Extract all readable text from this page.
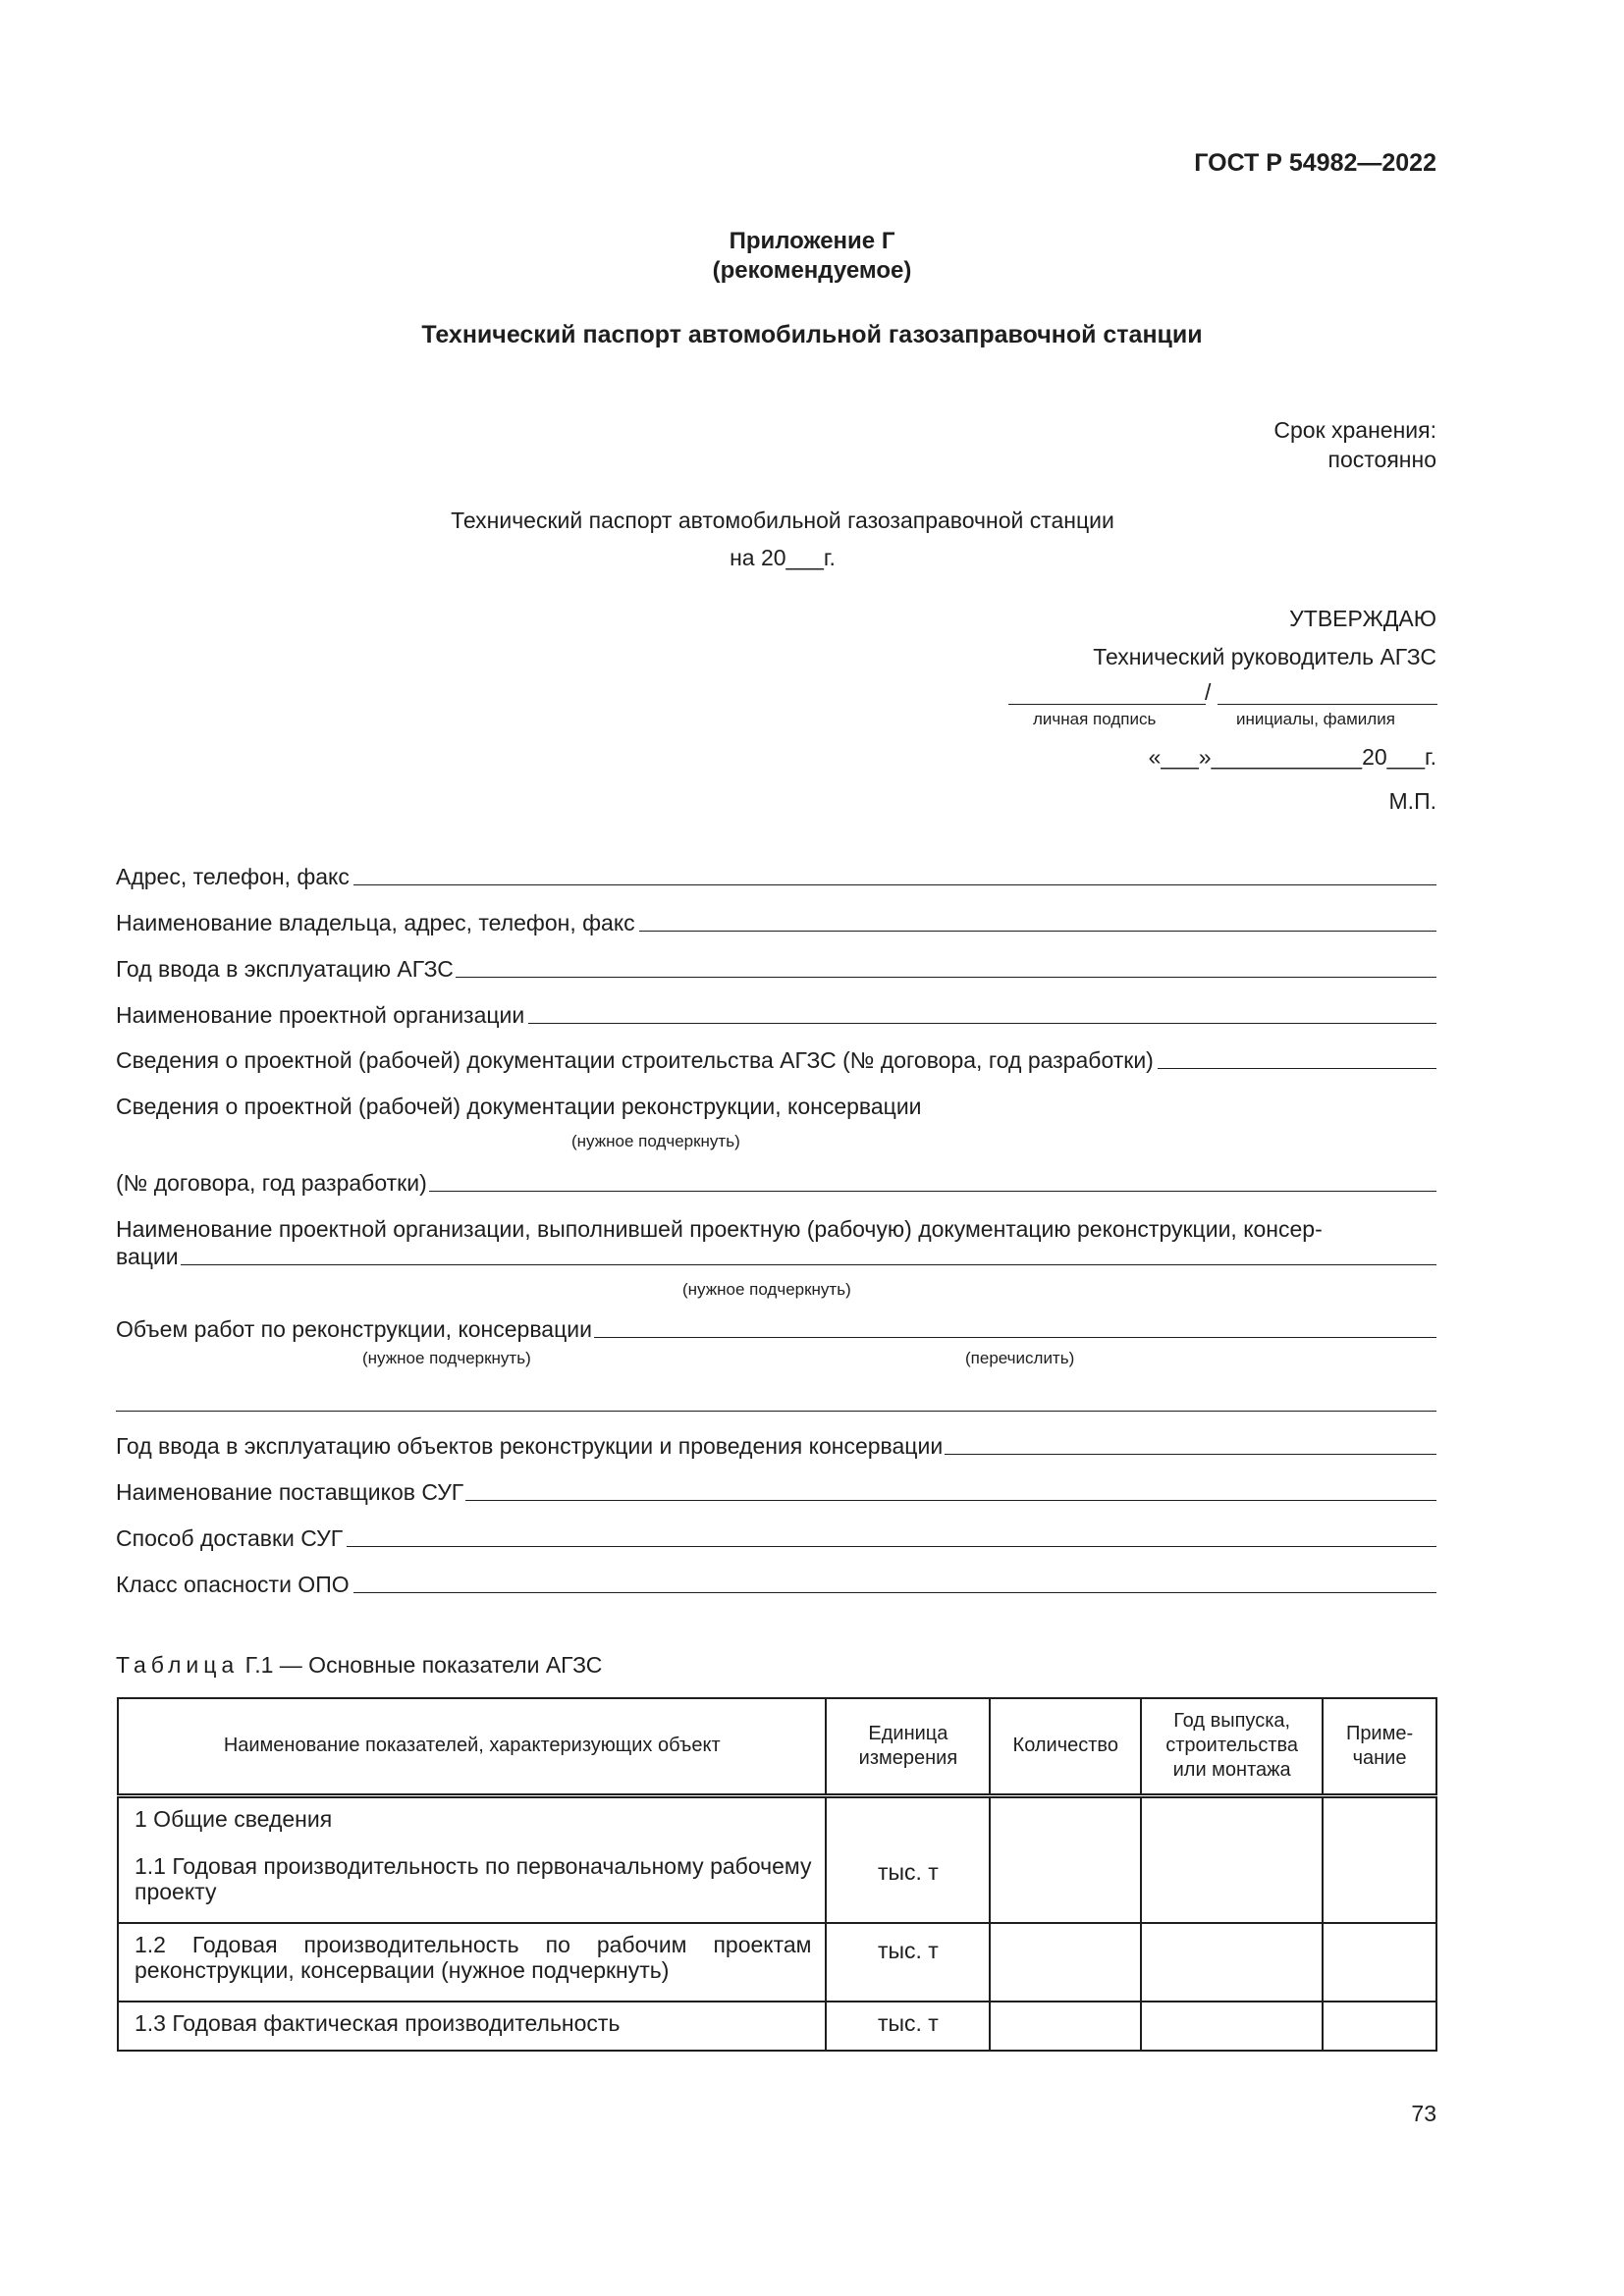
ГОСТ Р 54982—2022
Приложение Г
(рекомендуемое)
Технический паспорт автомобильной газозаправочной станции
Срок хранения:
постоянно
Технический паспорт автомобильной газозаправочной станции
на 20___г.
УТВЕРЖДАЮ
Технический руководитель АГЗС
/
личная подпись	инициалы, фамилия
«___»____________20___г.
М.П.
Адрес, телефон, факс
Наименование владельца, адрес, телефон, факс
Год ввода в эксплуатацию АГЗС
Наименование проектной организации
Сведения о проектной (рабочей) документации строительства АГЗС (№ договора, год разработки)
Сведения о проектной (рабочей) документации реконструкции, консервации
(нужное подчеркнуть)
(№ договора, год разработки)
Наименование проектной организации, выполнившей проектную (рабочую) документацию реконструкции, консер-
вации
(нужное подчеркнуть)
Объем работ по реконструкции, консервации
(нужное подчеркнуть)	(перечислить)
Год ввода в эксплуатацию объектов реконструкции и проведения консервации
Наименование поставщиков СУГ
Способ доставки СУГ
Класс опасности ОПО
Таблица Г.1 — Основные показатели АГЗС
Наименование показателей, характеризующих объект	Единица измерения	Количество	Год выпуска, строительства или монтажа	Приме-чание

1 Общие сведения
1.1 Годовая производительность по первоначальному рабочему проекту	тыс. т			
1.2 Годовая производительность по рабочим проектам реконструкции, консервации (нужное подчеркнуть)	тыс. т			
1.3 Годовая фактическая производительность	тыс. т			
73
